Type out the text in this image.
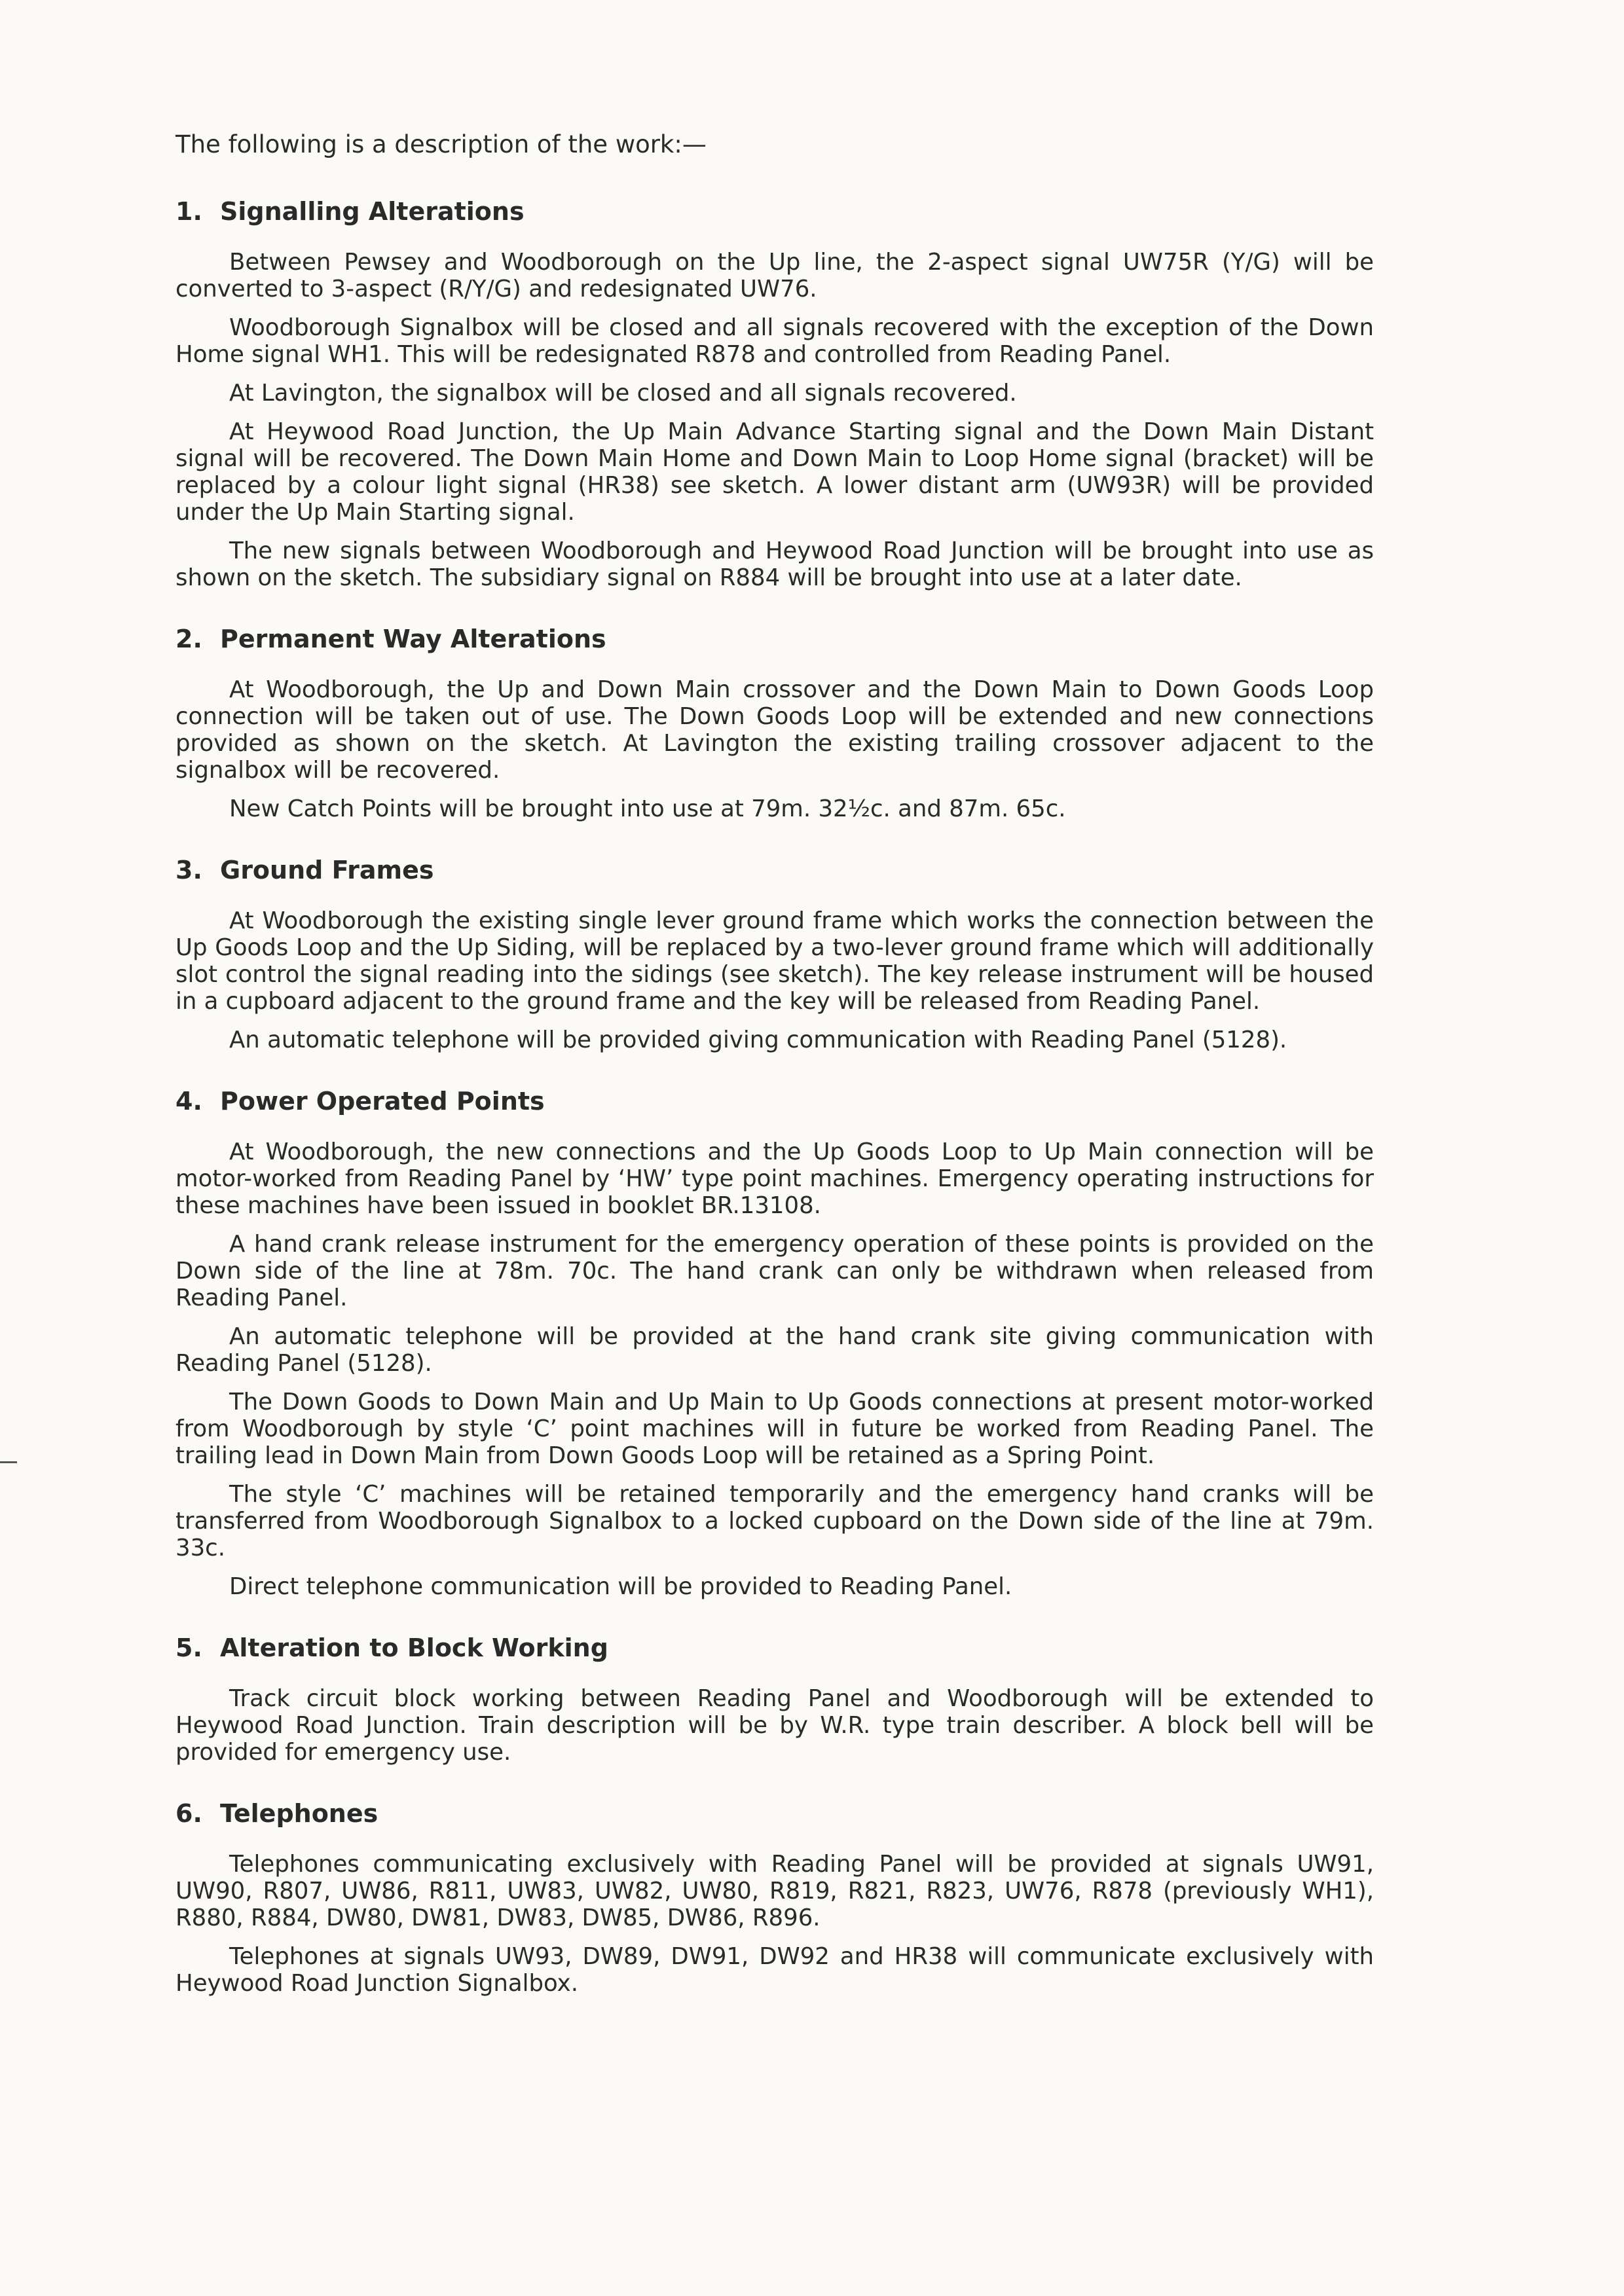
The following is a description of the work:—

1. Signalling Alterations

Between Pewsey and Woodborough on the Up line, the 2-aspect signal UW75R (Y/G) will be converted to 3-aspect (R/Y/G) and redesignated UW76.

Woodborough Signalbox will be closed and all signals recovered with the exception of the Down Home signal WH1. This will be redesignated R878 and controlled from Reading Panel.

At Lavington, the signalbox will be closed and all signals recovered.

At Heywood Road Junction, the Up Main Advance Starting signal and the Down Main Distant signal will be recovered. The Down Main Home and Down Main to Loop Home signal (bracket) will be replaced by a colour light signal (HR38) see sketch. A lower distant arm (UW93R) will be provided under the Up Main Starting signal.

The new signals between Woodborough and Heywood Road Junction will be brought into use as shown on the sketch. The subsidiary signal on R884 will be brought into use at a later date.

2. Permanent Way Alterations

At Woodborough, the Up and Down Main crossover and the Down Main to Down Goods Loop connection will be taken out of use. The Down Goods Loop will be extended and new connections provided as shown on the sketch. At Lavington the existing trailing crossover adjacent to the signalbox will be recovered.

New Catch Points will be brought into use at 79m. 32½c. and 87m. 65c.

3. Ground Frames

At Woodborough the existing single lever ground frame which works the connection between the Up Goods Loop and the Up Siding, will be replaced by a two-lever ground frame which will additionally slot control the signal reading into the sidings (see sketch). The key release instrument will be housed in a cupboard adjacent to the ground frame and the key will be released from Reading Panel.

An automatic telephone will be provided giving communication with Reading Panel (5128).

4. Power Operated Points

At Woodborough, the new connections and the Up Goods Loop to Up Main connection will be motor-worked from Reading Panel by ‘HW’ type point machines. Emergency operating instructions for these machines have been issued in booklet BR.13108.

A hand crank release instrument for the emergency operation of these points is provided on the Down side of the line at 78m. 70c. The hand crank can only be withdrawn when released from Reading Panel.

An automatic telephone will be provided at the hand crank site giving communication with Reading Panel (5128).

The Down Goods to Down Main and Up Main to Up Goods connections at present motor-worked from Woodborough by style ‘C’ point machines will in future be worked from Reading Panel. The trailing lead in Down Main from Down Goods Loop will be retained as a Spring Point.

The style ‘C’ machines will be retained temporarily and the emergency hand cranks will be transferred from Woodborough Signalbox to a locked cupboard on the Down side of the line at 79m. 33c.

Direct telephone communication will be provided to Reading Panel.

5. Alteration to Block Working

Track circuit block working between Reading Panel and Woodborough will be extended to Heywood Road Junction. Train description will be by W.R. type train describer. A block bell will be provided for emergency use.

6. Telephones

Telephones communicating exclusively with Reading Panel will be provided at signals UW91, UW90, R807, UW86, R811, UW83, UW82, UW80, R819, R821, R823, UW76, R878 (previously WH1), R880, R884, DW80, DW81, DW83, DW85, DW86, R896.

Telephones at signals UW93, DW89, DW91, DW92 and HR38 will communicate exclusively with Heywood Road Junction Signalbox.
